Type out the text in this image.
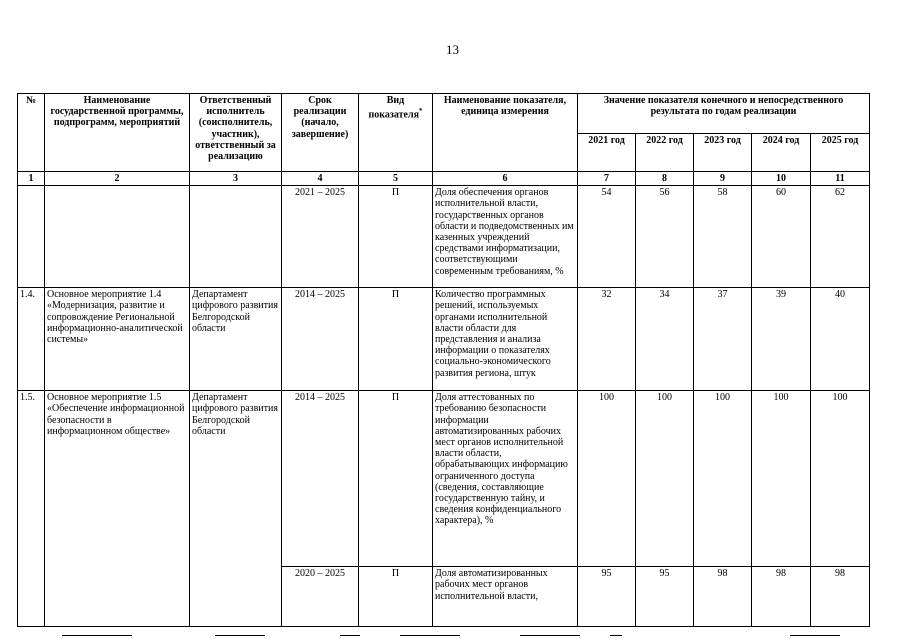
13
№	Наименование государственной программы, подпрограмм, мероприятий	Ответственный исполнитель (соисполнитель, участник), ответственный за реализацию	Срок реализации (начало, завершение)	Вид показателя*	Наименование показателя, единица измерения	Значение показателя конечного и непосредственного результата по годам реализации				
						2021 год	2022 год	2023 год	2024 год	2025 год
1	2	3	4	5	6	7	8	9	10	11
			2021 – 2025	П	Доля обеспечения органов исполнительной власти, государственных органов области и подведомственных им казенных учреждений средствами информатизации, соответствующими современным требованиям, %	54	56	58	60	62
1.4.	Основное мероприятие 1.4 «Модернизация, развитие и сопровождение Региональной информационно-аналитической системы»	Департамент цифрового развития Белгородской области	2014 – 2025	П	Количество программных решений, используемых органами исполнительной власти области для представления и анализа информации о показателях социально-экономического развития региона, штук	32	34	37	39	40
1.5.	Основное мероприятие 1.5 «Обеспечение информационной безопасности в информационном обществе»	Департамент цифрового развития Белгородской области	2014 – 2025	П	Доля аттестованных по требованию безопасности информации автоматизированных рабочих мест органов исполнительной власти области, обрабатывающих информацию ограниченного доступа (сведения, составляющие государственную тайну, и сведения конфиденциального характера), %	100	100	100	100	100
			2020 – 2025	П	Доля автоматизированных рабочих мест органов исполнительной власти,	95	95	98	98	98
